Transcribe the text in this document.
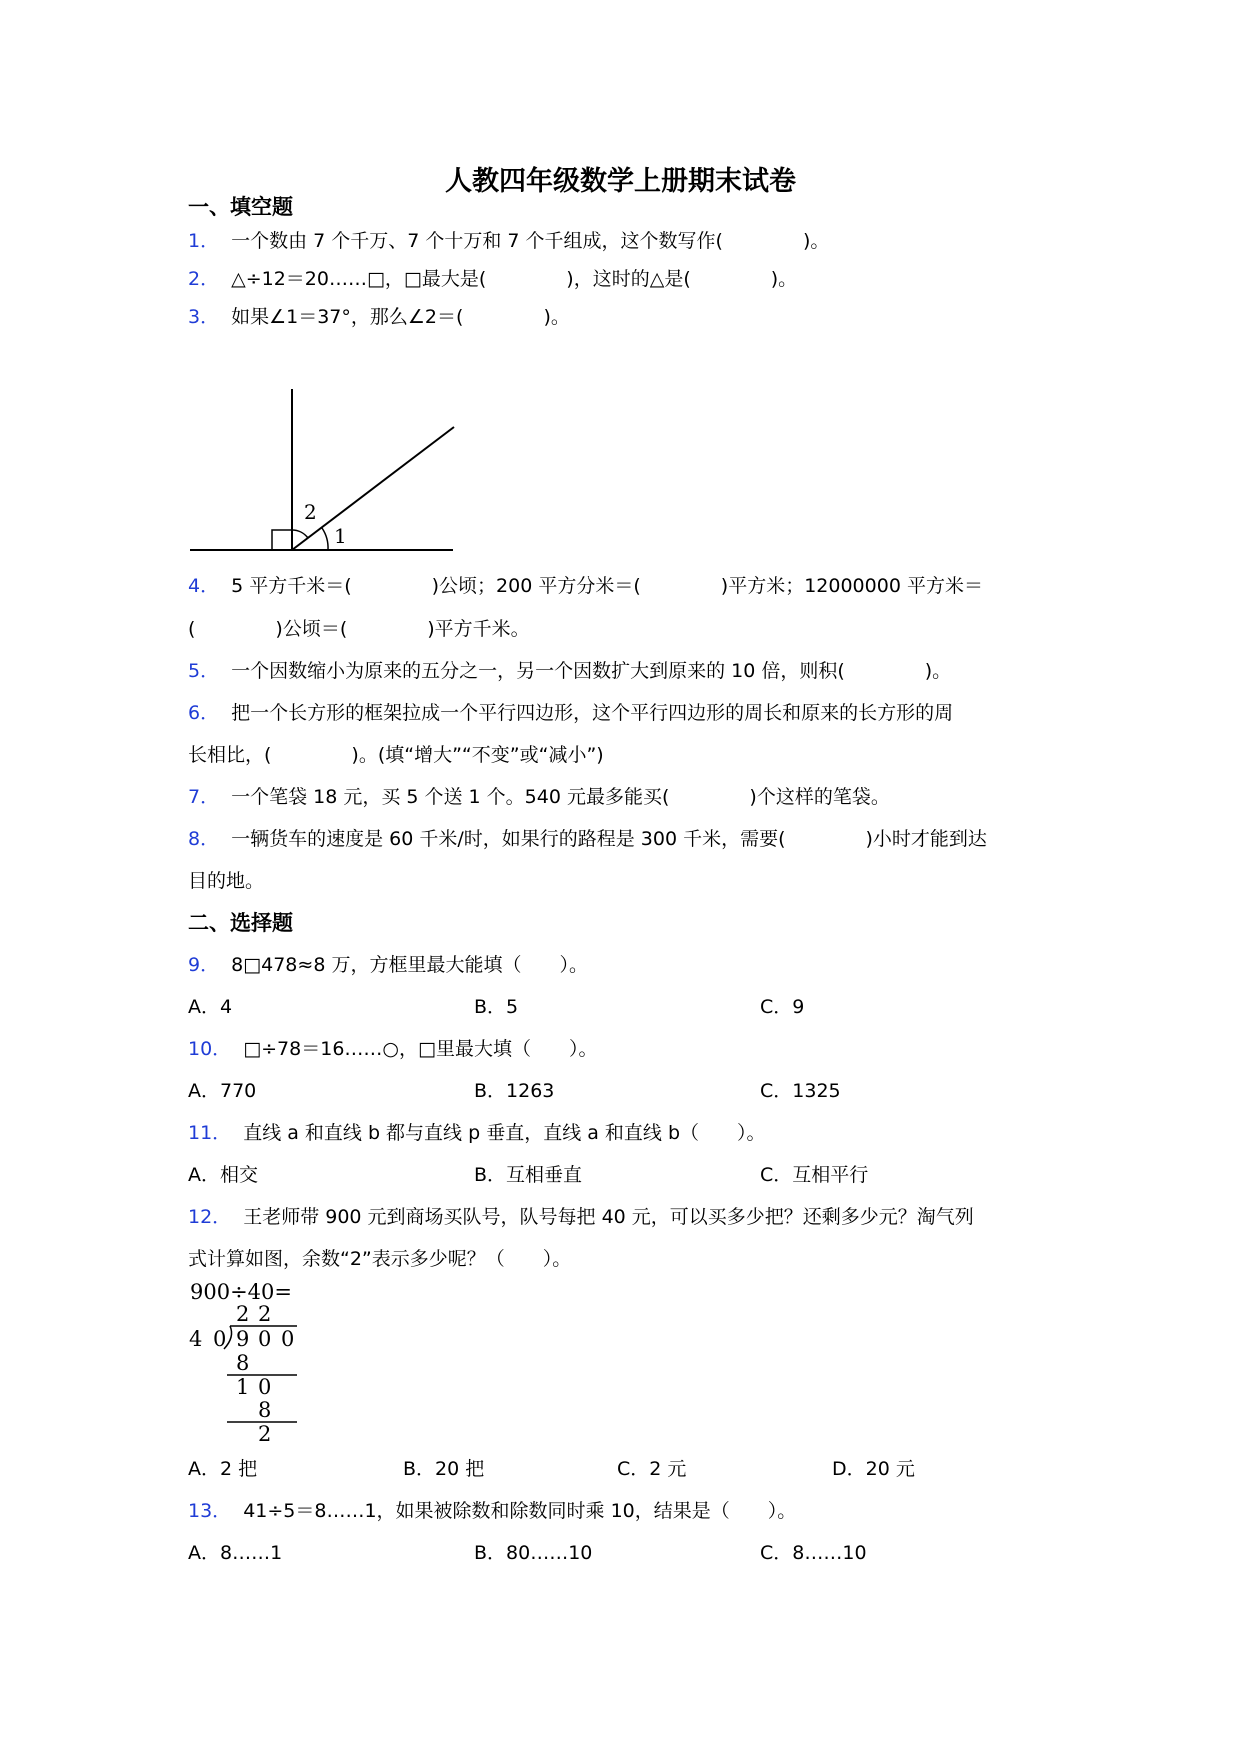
人教四年级数学上册期末试卷
一、填空题
1． 一个数由 7 个千万、7 个十万和 7 个千组成，这个数写作(	)。
2． △÷12＝20……□，□最大是(	)，这时的△是(	)。
3． 如果∠1＝37°，那么∠2＝(	)。
2
1
4． 5 平方千米＝(	)公顷；200 平方分米＝(	)平方米；12000000 平方米＝
(	)公顷＝(	)平方千米。
5． 一个因数缩小为原来的五分之一，另一个因数扩大到原来的 10 倍，则积(	)。
6． 把一个长方形的框架拉成一个平行四边形，这个平行四边形的周长和原来的长方形的周
长相比，(	)。(填“增大”“不变”或“减小”)
7． 一个笔袋 18 元，买 5 个送 1 个。540 元最多能买(	)个这样的笔袋。
8． 一辆货车的速度是 60 千米/时，如果行的路程是 300 千米，需要(	)小时才能到达
目的地。
二、选择题
9． 8□478≈8 万，方框里最大能填（　　）。
A．4	B．5	C．9
10． □÷78＝16……○，□里最大填（　　）。
A．770	B．1263	C．1325
11． 直线 a 和直线 b 都与直线 p 垂直，直线 a 和直线 b（　　）。
A．相交	B．互相垂直	C．互相平行
12． 王老师带 900 元到商场买队号，队号每把 40 元，可以买多少把？还剩多少元？淘气列
式计算如图，余数“2”表示多少呢？（　　）。
900÷40=
2 2
4 0 9 0 0
8
1 0
8
2
A．2 把	B．20 把	C．2 元	D．20 元
13． 41÷5＝8……1，如果被除数和除数同时乘 10，结果是（　　）。
A．8……1	B．80……10	C．8……10
